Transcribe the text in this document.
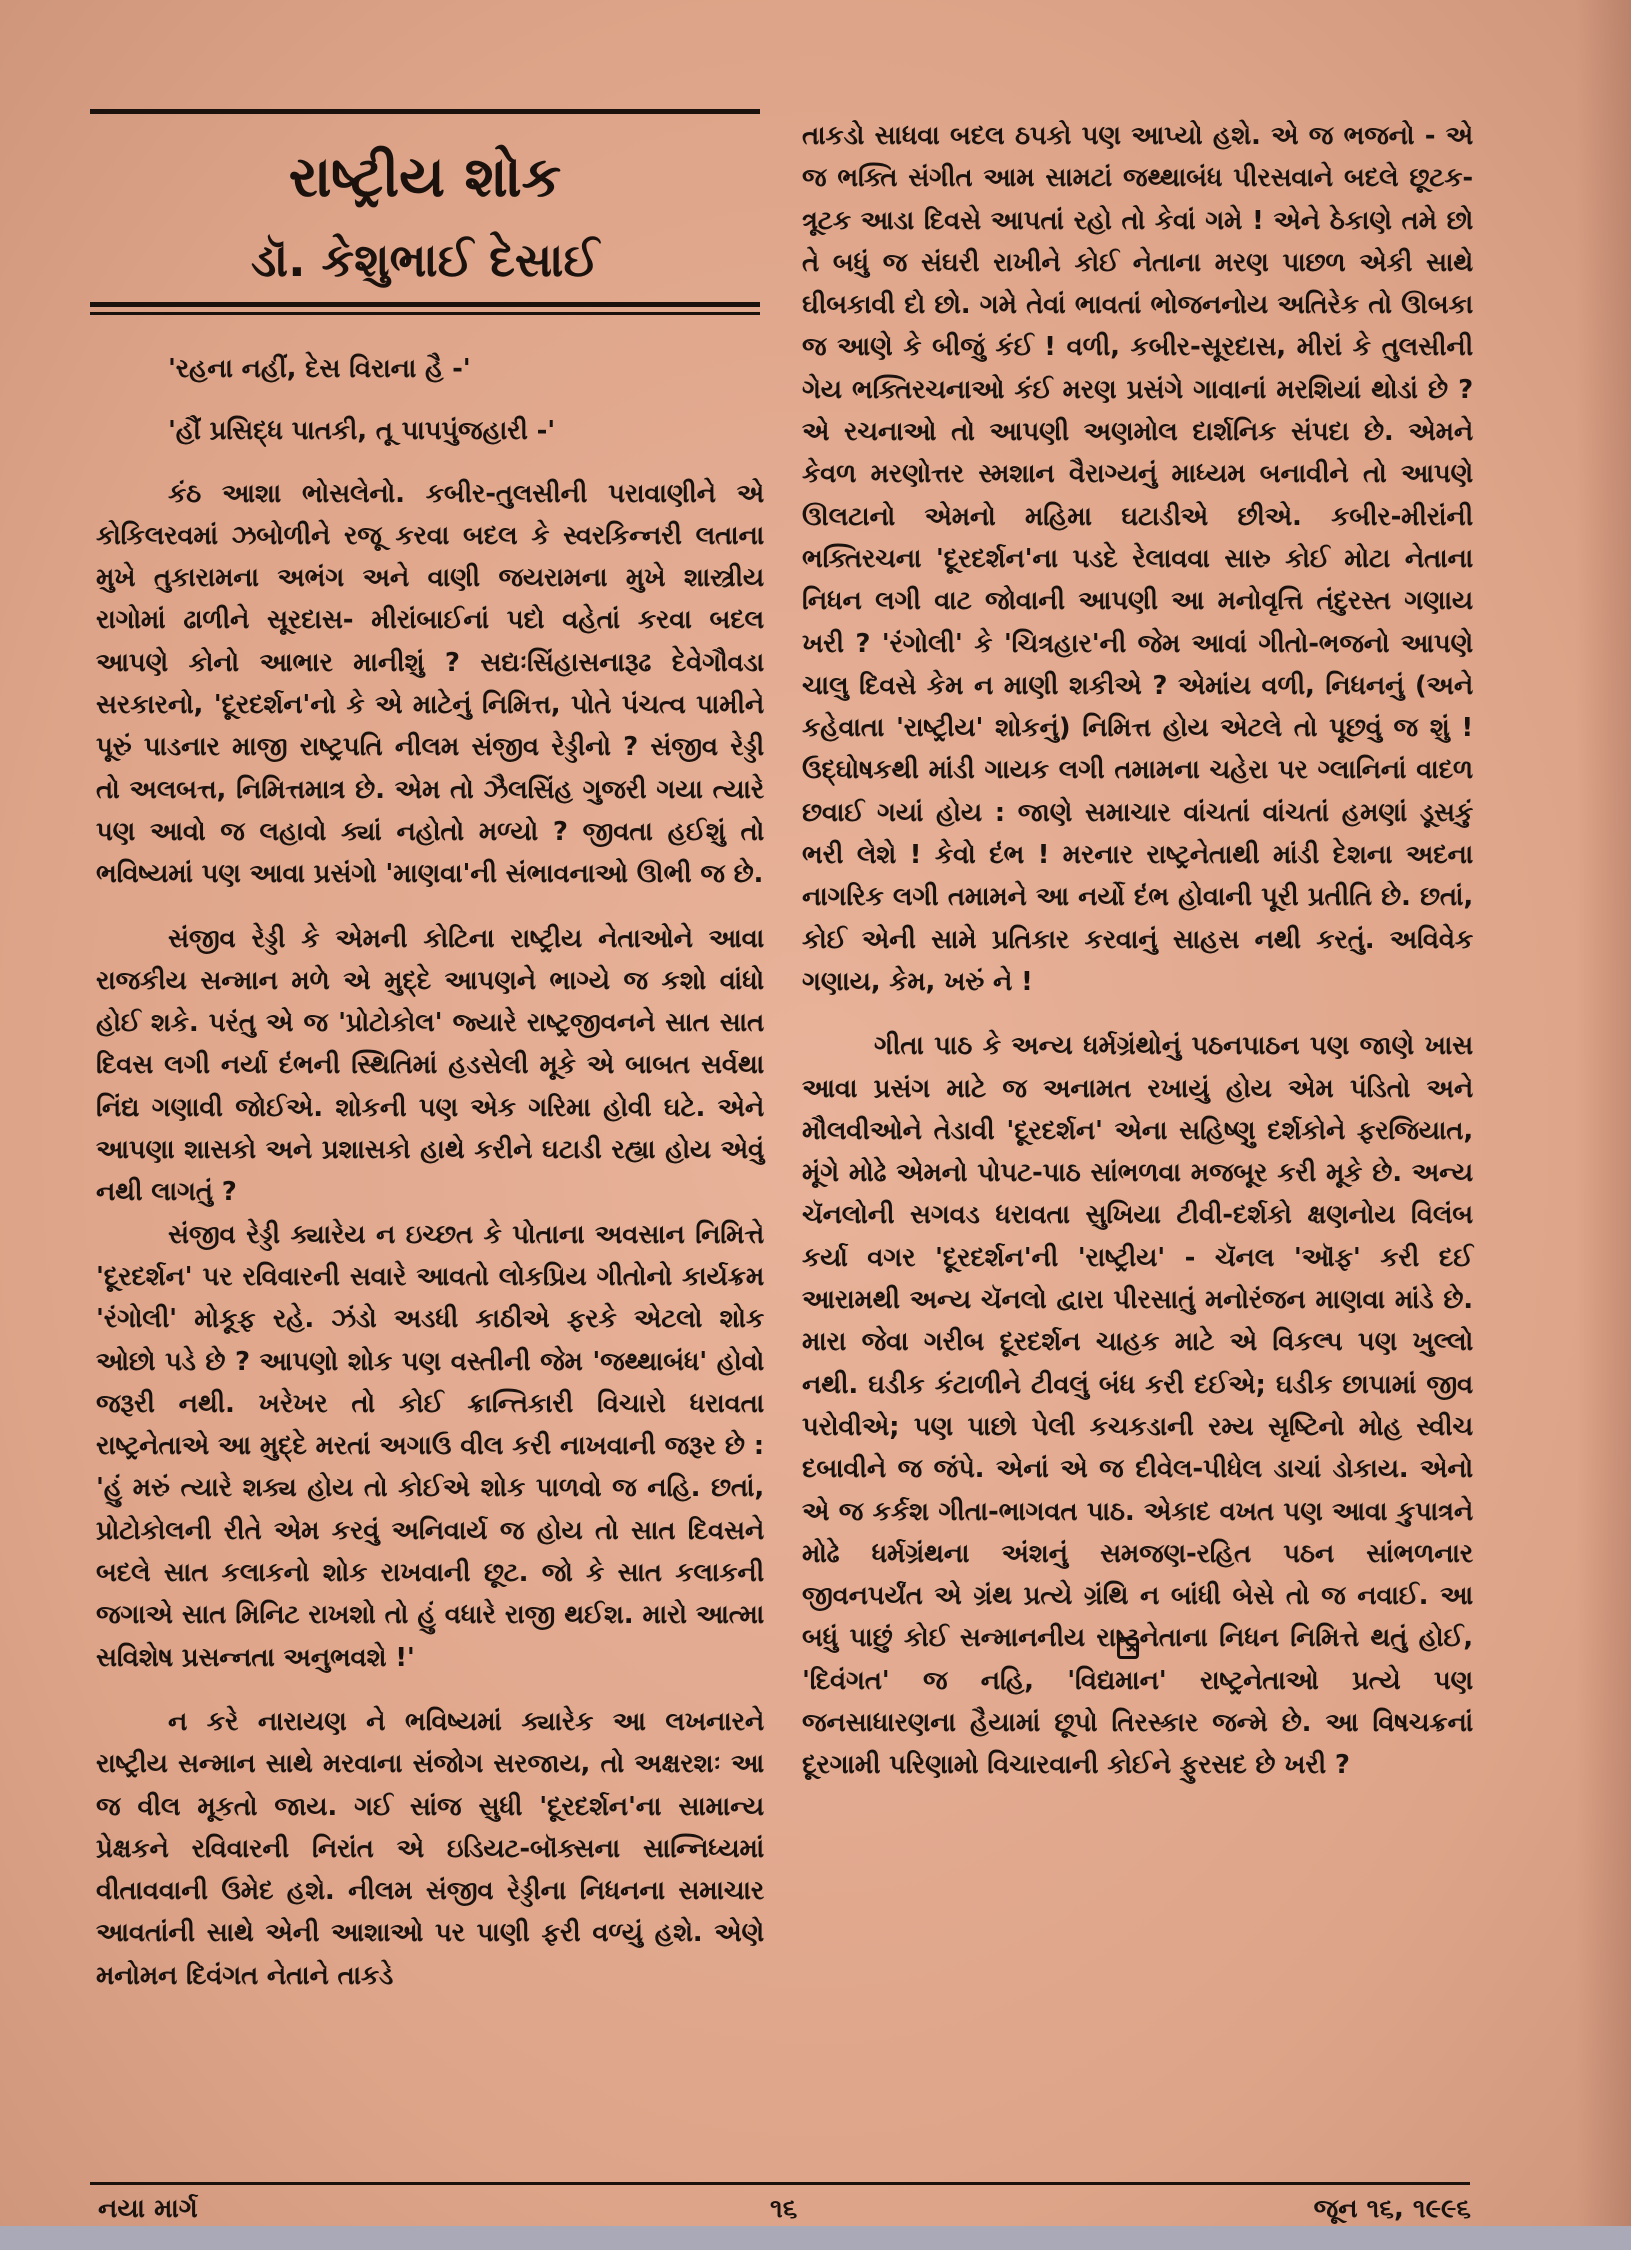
રાષ્ટ્રીય શોક
ડૉ. કેશુભાઈ દેસાઈ

'રહના નહીં, દેસ વિરાના હૈ -'

'હૌં પ્રસિદ્ધ પાતકી, તૂ પાપપુંજહારી -'

કંઠ આશા ભોસલેનો. કબીર-તુલસીની પરાવાણીને એ કોકિલરવમાં ઝબોળીને રજૂ કરવા બદલ કે સ્વરકિન્નરી લતાના મુખે તુકારામના અભંગ અને વાણી જયરામના મુખે શાસ્ત્રીય રાગોમાં ઢાળીને સૂરદાસ- મીરાંબાઈનાં પદો વહેતાં કરવા બદલ આપણે કોનો આભાર માનીશું ? સદ્યઃસિંહાસનારૂઢ દેવેગૌવડા સરકારનો, 'દૂરદર્શન'નો કે એ માટેનું નિમિત્ત, પોતે પંચત્વ પામીને પૂરું પાડનાર માજી રાષ્ટ્રપતિ નીલમ સંજીવ રેડ્ડીનો ? સંજીવ રેડ્ડી તો અલબત્ત, નિમિત્તમાત્ર છે. એમ તો ઝૈલસિંહ ગુજરી ગયા ત્યારે પણ આવો જ લહાવો ક્યાં નહોતો મળ્યો ? જીવતા હઈશું તો ભવિષ્યમાં પણ આવા પ્રસંગો 'માણવા'ની સંભાવનાઓ ઊભી જ છે.

સંજીવ રેડ્ડી કે એમની કોટિના રાષ્ટ્રીય નેતાઓને આવા રાજકીય સન્માન મળે એ મુદ્દે આપણને ભાગ્યે જ કશો વાંધો હોઈ શકે. પરંતુ એ જ 'પ્રોટોકોલ' જ્યારે રાષ્ટ્રજીવનને સાત સાત દિવસ લગી નર્યા દંભની સ્થિતિમાં હડસેલી મૂકે એ બાબત સર્વથા નિંદ્ય ગણાવી જોઈએ. શોકની પણ એક ગરિમા હોવી ઘટે. એને આપણા શાસકો અને પ્રશાસકો હાથે કરીને ઘટાડી રહ્યા હોય એવું નથી લાગતું ?

સંજીવ રેડ્ડી ક્યારેય ન ઇચ્છત કે પોતાના અવસાન નિમિત્તે 'દૂરદર્શન' પર રવિવારની સવારે આવતો લોકપ્રિય ગીતોનો કાર્યક્રમ 'રંગોલી' મોકૂફ રહે. ઝંડો અડધી કાઠીએ ફરકે એટલો શોક ઓછો પડે છે ? આપણો શોક પણ વસ્તીની જેમ 'જથ્થાબંધ' હોવો જરૂરી નથી. ખરેખર તો કોઈ ક્રાન્તિકારી વિચારો ધરાવતા રાષ્ટ્રનેતાએ આ મુદ્દે મરતાં અગાઉ વીલ કરી નાખવાની જરૂર છે : 'હું મરું ત્યારે શક્ય હોય તો કોઈએ શોક પાળવો જ નહિ. છતાં, પ્રોટોકોલની રીતે એમ કરવું અનિવાર્ય જ હોય તો સાત દિવસને બદલે સાત કલાકનો શોક રાખવાની છૂટ. જો કે સાત કલાકની જગાએ સાત મિનિટ રાખશો તો હું વધારે રાજી થઈશ. મારો આત્મા સવિશેષ પ્રસન્નતા અનુભવશે !'

ન કરે નારાયણ ને ભવિષ્યમાં ક્યારેક આ લખનારને રાષ્ટ્રીય સન્માન સાથે મરવાના સંજોગ સરજાય, તો અક્ષરશઃ આ જ વીલ મૂકતો જાય. ગઈ સાંજ સુધી 'દૂરદર્શન'ના સામાન્ય પ્રેક્ષકને રવિવારની નિરાંત એ ઇડિયટ-બૉક્સના સાન્નિધ્યમાં વીતાવવાની ઉમેદ હશે. નીલમ સંજીવ રેડ્ડીના નિધનના સમાચાર આવતાંની સાથે એની આશાઓ પર પાણી ફરી વળ્યું હશે. એણે મનોમન દિવંગત નેતાને તાકડે

તાકડો સાધવા બદલ ઠપકો પણ આપ્યો હશે. એ જ ભજનો - એ જ ભક્તિ સંગીત આમ સામટાં જથ્થાબંધ પીરસવાને બદલે છૂટક-ત્રૂટક આડા દિવસે આપતાં રહો તો કેવાં ગમે ! એને ઠેકાણે તમે છો તે બધું જ સંઘરી રાખીને કોઈ નેતાના મરણ પાછળ એકી સાથે ઘીબકાવી દો છો. ગમે તેવાં ભાવતાં ભોજનનોય અતિરેક તો ઊબકા જ આણે કે બીજું કંઈ ! વળી, કબીર-સૂરદાસ, મીરાં કે તુલસીની ગેય ભક્તિરચનાઓ કંઈ મરણ પ્રસંગે ગાવાનાં મરશિયાં થોડાં છે ? એ રચનાઓ તો આપણી અણમોલ દાર્શનિક સંપદા છે. એમને કેવળ મરણોત્તર સ્મશાન વૈરાગ્યનું માધ્યમ બનાવીને તો આપણે ઊલટાનો એમનો મહિમા ઘટાડીએ છીએ. કબીર-મીરાંની ભક્તિરચના 'દૂરદર્શન'ના પડદે રેલાવવા સારુ કોઈ મોટા નેતાના નિધન લગી વાટ જોવાની આપણી આ મનોવૃત્તિ તંદુરસ્ત ગણાય ખરી ? 'રંગોલી' કે 'ચિત્રહાર'ની જેમ આવાં ગીતો-ભજનો આપણે ચાલુ દિવસે કેમ ન માણી શકીએ ? એમાંય વળી, નિધનનું (અને કહેવાતા 'રાષ્ટ્રીય' શોકનું) નિમિત્ત હોય એટલે તો પૂછવું જ શું ! ઉદ્ઘોષકથી માંડી ગાયક લગી તમામના ચહેરા પર ગ્લાનિનાં વાદળ છવાઈ ગયાં હોય : જાણે સમાચાર વાંચતાં વાંચતાં હમણાં ડૂસકું ભરી લેશે ! કેવો દંભ ! મરનાર રાષ્ટ્રનેતાથી માંડી દેશના અદના નાગરિક લગી તમામને આ નર્યો દંભ હોવાની પૂરી પ્રતીતિ છે. છતાં, કોઈ એની સામે પ્રતિકાર કરવાનું સાહસ નથી કરતું. અવિવેક ગણાય, કેમ, ખરું ને !

ગીતા પાઠ કે અન્ય ધર્મગ્રંથોનું પઠનપાઠન પણ જાણે ખાસ આવા પ્રસંગ માટે જ અનામત રખાયું હોય એમ પંડિતો અને મૌલવીઓને તેડાવી 'દૂરદર્શન' એના સહિષ્ણુ દર્શકોને ફરજિયાત, મૂંગે મોઢે એમનો પોપટ-પાઠ સાંભળવા મજબૂર કરી મૂકે છે. અન્ય ચૅનલોની સગવડ ધરાવતા સુખિયા ટીવી-દર્શકો ક્ષણનોય વિલંબ કર્યા વગર 'દૂરદર્શન'ની 'રાષ્ટ્રીય' - ચૅનલ 'ઑફ' કરી દઈ આરામથી અન્ય ચૅનલો દ્વારા પીરસાતું મનોરંજન માણવા માંડે છે. મારા જેવા ગરીબ દૂરદર્શન ચાહક માટે એ વિકલ્પ પણ ખુલ્લો નથી. ઘડીક કંટાળીને ટીવલું બંધ કરી દઈએ; ઘડીક છાપામાં જીવ પરોવીએ; પણ પાછો પેલી કચકડાની રમ્ય સૃષ્ટિનો મોહ સ્વીચ દબાવીને જ જંપે. એનાં એ જ દીવેલ-પીધેલ ડાચાં ડોકાય. એનો એ જ કર્કશ ગીતા-ભાગવત પાઠ. એકાદ વખત પણ આવા કુપાત્રને મોઢે ધર્મગ્રંથના અંશનું સમજણ-રહિત પઠન સાંભળનાર જીવનપર્યંત એ ગ્રંથ પ્રત્યે ગ્રંથિ ન બાંધી બેસે તો જ નવાઈ. આ બધું પાછું કોઈ સન્માનનીય રાષ્ટ્રનેતાના નિધન નિમિત્તે થતું હોઈ, 'દિવંગત' જ નહિ, 'વિદ્યમાન' રાષ્ટ્રનેતાઓ પ્રત્યે પણ જનસાધારણના હૈયામાં છૂપો તિરસ્કાર જન્મે છે. આ વિષચક્રનાં દૂરગામી પરિણામો વિચારવાની કોઈને ફુરસદ છે ખરી ?

નયા માર્ગ	૧૬	જૂન ૧૬, ૧૯૯૬
